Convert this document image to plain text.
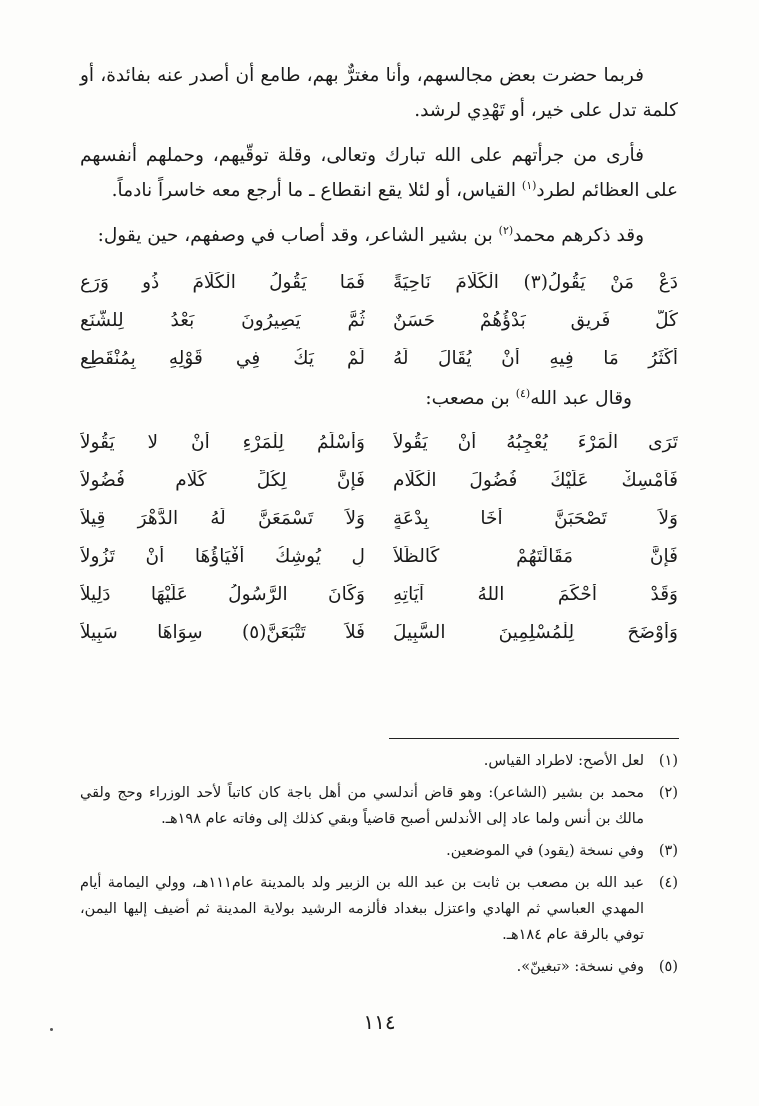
فربما حضرت بعض مجالسهم، وأنا مغترٌّ بهم، طامع أن أصدر عنه بفائدة، أو كلمة تدل على خير، أو تَهْدِي لرشد.

فأرى من جرأتهم على الله تبارك وتعالى، وقلة توقّيهم، وحملهم أنفسهم على العظائم لطرد$^{(١)}$ القياس، أو لئلا يقع انقطاع ـ ما أرجع معه خاسراً نادماً.

وقد ذكرهم محمد$^{(٢)}$ بن بشير الشاعر، وقد أصاب في وصفهم، حين يقول:

دَعْ مَنْ يَقُولُ(٣) الْكَلَامَ نَاحِيَةً
فَمَا يَقُولُ الْكَلَامَ ذُو وَرَعِ
كُلُّ فَرِيقٍ بَدْؤُهُمْ حَسَنٌ
ثُمَّ يَصِيرُونَ بَعْدُ لِلشُّنَعِ
أَكْثَرُ مَا فِيهِ أَنْ يُقَالَ لَهُ
لَمْ يَكُ فِي قَوْلِهِ بِمُنْقَطِعِ
وقال عبد الله$^{(٤)}$ بن مصعب:
تَرَى الْمَرْءَ يُعْجِبُهُ أَنْ يَقُولاَ
وَأَسْلَمُ لِلْمَرْءِ أَنْ لا يَقُولاَ
فَأَمْسِكْ عَلَيْكَ فُضُولَ الْكَلَامِ
فَإِنَّ لِكُلِّ كَلَامٍ فُضُولاَ
وَلاَ تَصْحَبَنَّ أَخَا بِدْعَةٍ
وَلاَ تَسْمَعَنَّ لَهُ الدَّهْرَ قِيلاَ
فَإِنَّ مَقَالَتَهُمْ كَالظِّلاَ
لِ يُوشِكُ أَفْيَاؤُهَا أَنْ تَزُولاَ
وَقَدْ أَحْكَمَ اللهُ آيَاتِهِ
وَكَانَ الرَّسُولُ عَلَيْهَا دَلِيلاَ
وَأَوْضَحَ لِلْمُسْلِمِينَ السَّبِيلَ
فَلاَ تَتْبَعَنَّ(٥) سِوَاهَا سَبِيلاَ
(١)
لعل الأصح: لاطراد القياس.
(٢)
محمد بن بشير (الشاعر): وهو قاض أندلسي من أهل باجة كان كاتباً لأحد الوزراء وحج ولقي مالك بن أنس ولما عاد إلى الأندلس أصبح قاضياً وبقي كذلك إلى وفاته عام ١٩٨هـ.
(٣)
وفي نسخة (يقود) في الموضعين.
(٤)
عبد الله بن مصعب بن ثابت بن عبد الله بن الزبير ولد بالمدينة عام١١١هـ، وولي اليمامة أيام المهدي العباسي ثم الهادي واعتزل ببغداد فألزمه الرشيد بولاية المدينة ثم أضيف إليها اليمن، توفي بالرقة عام ١٨٤هـ.
(٥)
وفي نسخة: «تبغينّ».
١١٤
